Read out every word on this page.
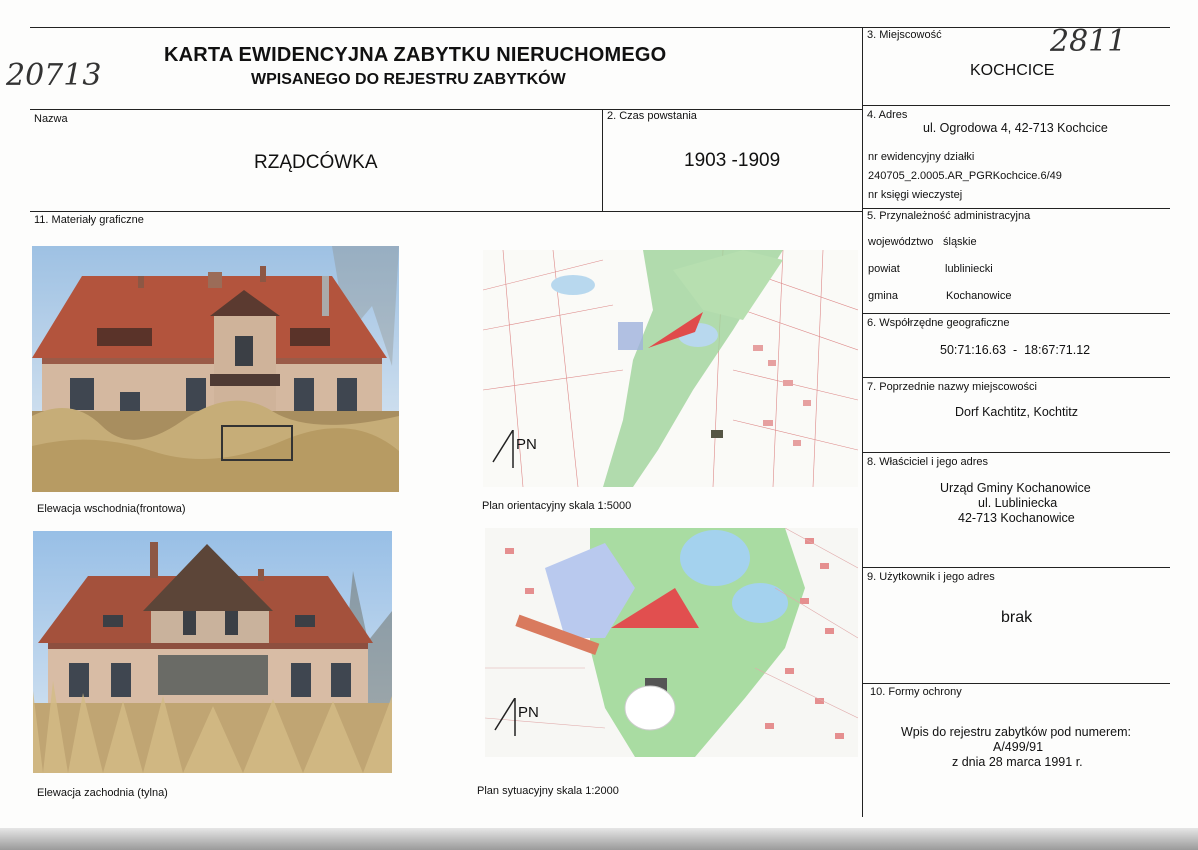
KARTA EWIDENCYJNA ZABYTKU NIERUCHOMEGO
WPISANEGO DO REJESTRU ZABYTKÓW
20713
2811
Nazwa
RZĄDCÓWKA
2. Czas powstania
1903 -1909
3. Miejscowość
KOCHCICE
4. Adres
ul. Ogrodowa 4, 42-713 Kochcice
nr ewidencyjny działki
240705_2.0005.AR_PGRKochcice.6/49
nr księgi wieczystej
5. Przynależność administracyjna
województwo śląskie
powiat	lubliniecki
gmina	Kochanowice
6. Współrzędne geograficzne
50:71:16.63  -  18:67:71.12
7. Poprzednie nazwy miejscowości
Dorf Kachtitz, Kochtitz
8. Właściciel i jego adres
Urząd Gminy Kochanowice
ul. Lubliniecka
42-713 Kochanowice
9. Użytkownik i jego adres
brak
10. Formy ochrony
Wpis do rejestru zabytków pod numerem:
A/499/91
z dnia 28 marca 1991 r.
11. Materiały graficzne
Elewacja wschodnia(frontowa)
Elewacja zachodnia (tylna)
PN
Plan orientacyjny skala 1:5000
PN
Plan sytuacyjny skala 1:2000
